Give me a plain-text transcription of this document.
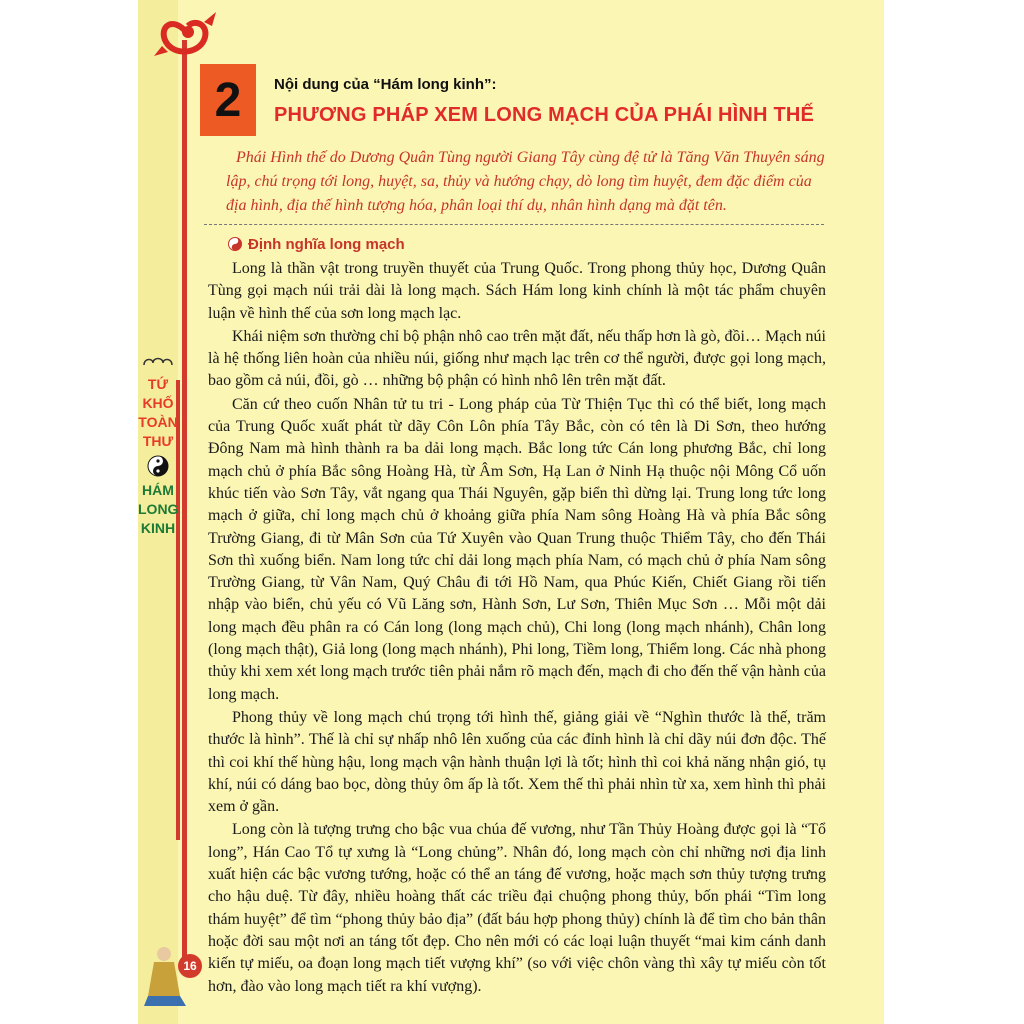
TỨ KHỐ TOÀN THƯ
HÁM LONG KINH
16
2	Nội dung của “Hám long kinh”:
PHƯƠNG PHÁP XEM LONG MẠCH CỦA PHÁI HÌNH THẾ

Phái Hình thế do Dương Quân Tùng người Giang Tây cùng đệ tử là Tăng Văn Thuyên sáng lập, chú trọng tới long, huyệt, sa, thủy và hướng chạy, dò long tìm huyệt, đem đặc điểm của địa hình, địa thế hình tượng hóa, phân loại thí dụ, nhân hình dạng mà đặt tên.

Định nghĩa long mạch

Long là thần vật trong truyền thuyết của Trung Quốc. Trong phong thủy học, Dương Quân Tùng gọi mạch núi trải dài là long mạch. Sách Hám long kinh chính là một tác phẩm chuyên luận về hình thế của sơn long mạch lạc.

Khái niệm sơn thường chỉ bộ phận nhô cao trên mặt đất, nếu thấp hơn là gò, đồi… Mạch núi là hệ thống liên hoàn của nhiều núi, giống như mạch lạc trên cơ thể người, được gọi long mạch, bao gồm cả núi, đồi, gò … những bộ phận có hình nhô lên trên mặt đất.

Căn cứ theo cuốn Nhân tử tu tri - Long pháp của Từ Thiện Tục thì có thể biết, long mạch của Trung Quốc xuất phát từ dãy Côn Lôn phía Tây Bắc, còn có tên là Di Sơn, theo hướng Đông Nam mà hình thành ra ba dải long mạch. Bắc long tức Cán long phương Bắc, chỉ long mạch chủ ở phía Bắc sông Hoàng Hà, từ Âm Sơn, Hạ Lan ở Ninh Hạ thuộc nội Mông Cổ uốn khúc tiến vào Sơn Tây, vắt ngang qua Thái Nguyên, gặp biển thì dừng lại. Trung long tức long mạch ở giữa, chỉ long mạch chủ ở khoảng giữa phía Nam sông Hoàng Hà và phía Bắc sông Trường Giang, đi từ Mân Sơn của Tứ Xuyên vào Quan Trung thuộc Thiểm Tây, cho đến Thái Sơn thì xuống biển. Nam long tức chỉ dải long mạch phía Nam, có mạch chủ ở phía Nam sông Trường Giang, từ Vân Nam, Quý Châu đi tới Hồ Nam, qua Phúc Kiến, Chiết Giang rồi tiến nhập vào biển, chủ yếu có Vũ Lăng sơn, Hành Sơn, Lư Sơn, Thiên Mục Sơn … Mỗi một dải long mạch đều phân ra có Cán long (long mạch chủ), Chi long (long mạch nhánh), Chân long (long mạch thật), Giả long (long mạch nhánh), Phi long, Tiềm long, Thiểm long. Các nhà phong thủy khi xem xét long mạch trước tiên phải nắm rõ mạch đến, mạch đi cho đến thế vận hành của long mạch.

Phong thủy về long mạch chú trọng tới hình thế, giảng giải về “Nghìn thước là thế, trăm thước là hình”. Thế là chỉ sự nhấp nhô lên xuống của các đỉnh hình là chỉ dãy núi đơn độc. Thế thì coi khí thế hùng hậu, long mạch vận hành thuận lợi là tốt; hình thì coi khả năng nhận gió, tụ khí, núi có dáng bao bọc, dòng thủy ôm ấp là tốt. Xem thế thì phải nhìn từ xa, xem hình thì phải xem ở gần.

Long còn là tượng trưng cho bậc vua chúa đế vương, như Tần Thủy Hoàng được gọi là “Tổ long”, Hán Cao Tổ tự xưng là “Long chủng”. Nhân đó, long mạch còn chỉ những nơi địa linh xuất hiện các bậc vương tướng, hoặc có thể an táng đế vương, hoặc mạch sơn thủy tượng trưng cho hậu duệ. Từ đây, nhiều hoàng thất các triều đại chuộng phong thủy, bốn phái “Tìm long thám huyệt” để tìm “phong thủy bảo địa” (đất báu hợp phong thủy) chính là để tìm cho bản thân hoặc đời sau một nơi an táng tốt đẹp. Cho nên mới có các loại luận thuyết “mai kim cánh danh kiến tự miếu, oa đoạn long mạch tiết vượng khí” (so với việc chôn vàng thì xây tự miếu còn tốt hơn, đào vào long mạch tiết ra khí vượng).
